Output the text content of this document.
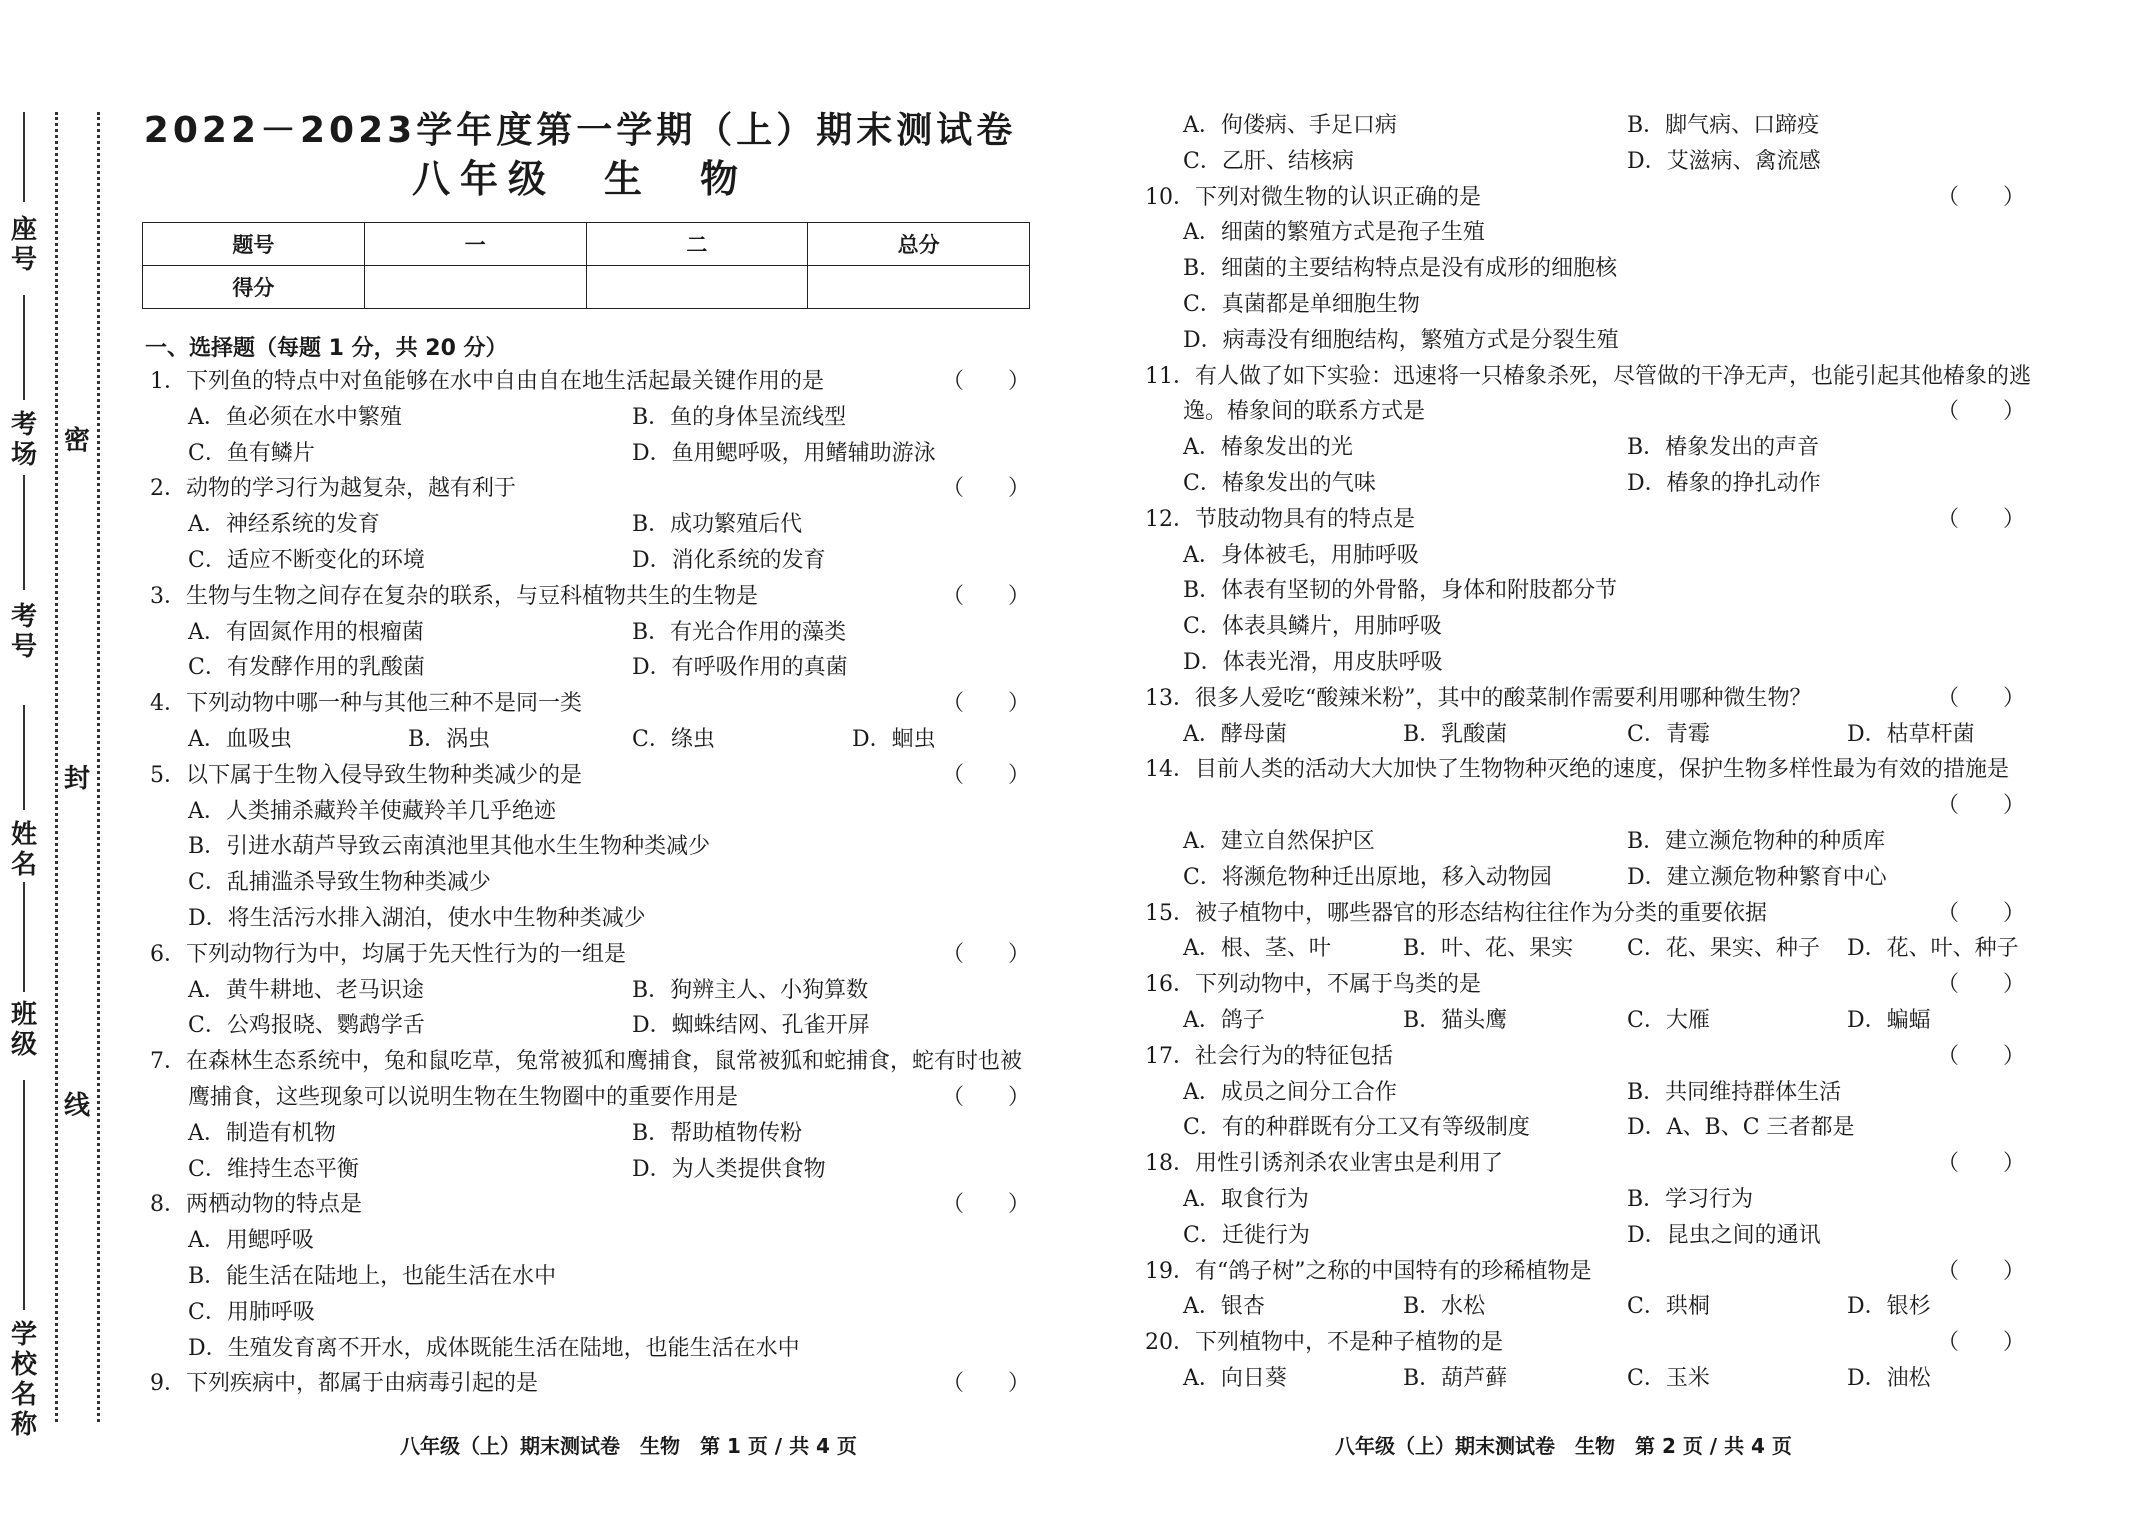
座号
考场
考号
姓名
班级
学校名称
密
封
线
2022－2023学年度第一学期（上）期末测试卷
八年级　生　物
题号	一	二	总分
得分			
一、选择题（每题 1 分，共 20 分）
1．下列鱼的特点中对鱼能够在水中自由自在地生活起最关键作用的是	（　　）
A．鱼必须在水中繁殖	B．鱼的身体呈流线型
C．鱼有鳞片	D．鱼用鳃呼吸，用鳍辅助游泳
2．动物的学习行为越复杂，越有利于	（　　）
A．神经系统的发育	B．成功繁殖后代
C．适应不断变化的环境	D．消化系统的发育
3．生物与生物之间存在复杂的联系，与豆科植物共生的生物是	（　　）
A．有固氮作用的根瘤菌	B．有光合作用的藻类
C．有发酵作用的乳酸菌	D．有呼吸作用的真菌
4．下列动物中哪一种与其他三种不是同一类	（　　）
A．血吸虫	B．涡虫	C．绦虫	D．蛔虫
5．以下属于生物入侵导致生物种类减少的是	（　　）
A．人类捕杀藏羚羊使藏羚羊几乎绝迹
B．引进水葫芦导致云南滇池里其他水生生物种类减少
C．乱捕滥杀导致生物种类减少
D．将生活污水排入湖泊，使水中生物种类减少
6．下列动物行为中，均属于先天性行为的一组是	（　　）
A．黄牛耕地、老马识途	B．狗辨主人、小狗算数
C．公鸡报晓、鹦鹉学舌	D．蜘蛛结网、孔雀开屏
7．在森林生态系统中，兔和鼠吃草，兔常被狐和鹰捕食，鼠常被狐和蛇捕食，蛇有时也被
鹰捕食，这些现象可以说明生物在生物圈中的重要作用是	（　　）
A．制造有机物	B．帮助植物传粉
C．维持生态平衡	D．为人类提供食物
8．两栖动物的特点是	（　　）
A．用鳃呼吸
B．能生活在陆地上，也能生活在水中
C．用肺呼吸
D．生殖发育离不开水，成体既能生活在陆地，也能生活在水中
9．下列疾病中，都属于由病毒引起的是	（　　）
A．佝偻病、手足口病	B．脚气病、口蹄疫
C．乙肝、结核病	D．艾滋病、禽流感
10．下列对微生物的认识正确的是	（　　）
A．细菌的繁殖方式是孢子生殖
B．细菌的主要结构特点是没有成形的细胞核
C．真菌都是单细胞生物
D．病毒没有细胞结构，繁殖方式是分裂生殖
11．有人做了如下实验：迅速将一只椿象杀死，尽管做的干净无声，也能引起其他椿象的逃
逸。椿象间的联系方式是	（　　）
A．椿象发出的光	B．椿象发出的声音
C．椿象发出的气味	D．椿象的挣扎动作
12．节肢动物具有的特点是	（　　）
A．身体被毛，用肺呼吸
B．体表有坚韧的外骨骼，身体和附肢都分节
C．体表具鳞片，用肺呼吸
D．体表光滑，用皮肤呼吸
13．很多人爱吃“酸辣米粉”，其中的酸菜制作需要利用哪种微生物？	（　　）
A．酵母菌	B．乳酸菌	C．青霉	D．枯草杆菌
14．目前人类的活动大大加快了生物物种灭绝的速度，保护生物多样性最为有效的措施是
（　　）
A．建立自然保护区	B．建立濒危物种的种质库
C．将濒危物种迁出原地，移入动物园	D．建立濒危物种繁育中心
15．被子植物中，哪些器官的形态结构往往作为分类的重要依据	（　　）
A．根、茎、叶	B．叶、花、果实 C．花、果实、种子 D．花、叶、种子
16．下列动物中，不属于鸟类的是	（　　）
A．鸽子	B．猫头鹰	C．大雁	D．蝙蝠
17．社会行为的特征包括	（　　）
A．成员之间分工合作	B．共同维持群体生活
C．有的种群既有分工又有等级制度	D．A、B、C 三者都是
18．用性引诱剂杀农业害虫是利用了	（　　）
A．取食行为	B．学习行为
C．迁徙行为	D．昆虫之间的通讯
19．有“鸽子树”之称的中国特有的珍稀植物是	（　　）
A．银杏	B．水松	C．珙桐	D．银杉
20．下列植物中，不是种子植物的是	（　　）
A．向日葵	B．葫芦藓	C．玉米	D．油松
八年级（上）期末测试卷　生物　第 1 页 / 共 4 页	八年级（上）期末测试卷　生物　第 2 页 / 共 4 页
